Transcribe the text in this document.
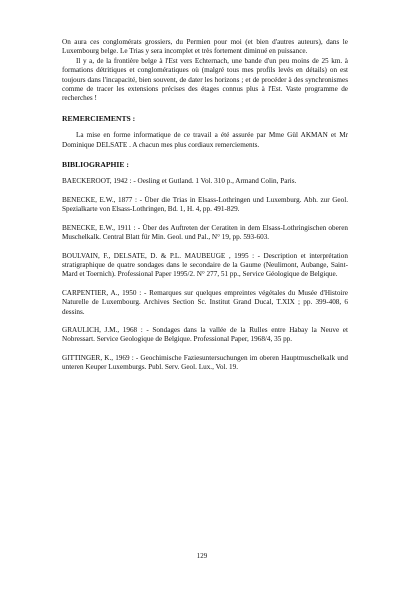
On aura ces conglomérats grossiers, du Permien pour moi (et bien d'autres auteurs), dans le Luxembourg belge. Le Trias y sera incomplet et très fortement diminué en puissance.

Il y a, de la frontière belge à l'Est vers Echternach, une bande d'un peu moins de 25 km. à formations détritiques et conglomératiques où (malgré tous mes profils levés en détails) on est toujours dans l'incapacité, bien souvent, de dater les horizons ; et de procéder à des synchronismes comme de tracer les extensions précises des étages connus plus à l'Est. Vaste programme de recherches !

REMERCIEMENTS :

La mise en forme informatique de ce travail a été assurée par Mme Gül AKMAN et Mr Dominique DELSATE . A chacun mes plus cordiaux remerciements.

BIBLIOGRAPHIE :

BAECKEROOT, 1942 : - Oesling et Gutland. 1 Vol. 310 p., Armand Colin, Paris.

BENECKE, E.W., 1877 : - Über die Trias in Elsass-Lothringen und Luxemburg. Abh. zur Geol. Spezialkarte von Elsass-Lothringen, Bd. 1, H. 4, pp. 491-829.

BENECKE, E.W., 1911 : - Über des Auftreten der Ceratiten in dem Elsass-Lothringischen oberen Muschelkalk. Central Blatt für Min. Geol. und Pal., N° 19, pp. 593-603.

BOULVAIN, F., DELSATE, D. & P.L. MAUBEUGE , 1995 : - Description et interprétation stratigraphique de quatre sondages dans le secondaire de la Gaume (Neulimont, Aubange, Saint-Mard et Toernich). Professional Paper 1995/2. N° 277, 51 pp., Service Géologique de Belgique.

CARPENTIER, A., 1950 : - Remarques sur quelques empreintes végétales du Musée d'Histoire Naturelle de Luxembourg. Archives Section Sc. Institut Grand Ducal, T.XIX ; pp. 399-408, 6 dessins.

GRAULICH, J.M., 1968 : - Sondages dans la vallée de la Rulles entre Habay la Neuve et Nobressart. Service Geologique de Belgique. Professional Paper, 1968/4, 35 pp.

GITTINGER, K., 1969 : - Geochimische Faziesuntersuchungen im oberen Hauptmuschelkalk und unteren Keuper Luxemburgs. Publ. Serv. Geol. Lux., Vol. 19.

129
